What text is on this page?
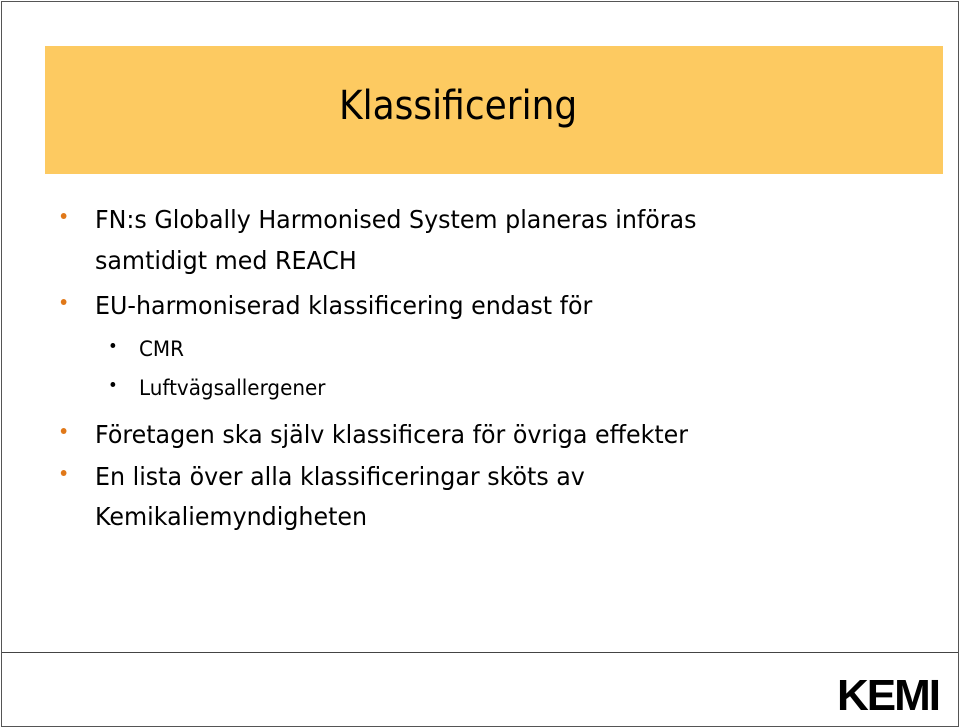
Klassificering
FN:s Globally Harmonised System planeras införas
samtidigt med REACH
EU-harmoniserad klassificering endast för
CMR
Luftvägsallergener
Företagen ska själv klassificera för övriga effekter
En lista över alla klassificeringar sköts av
Kemikaliemyndigheten
KEMI
